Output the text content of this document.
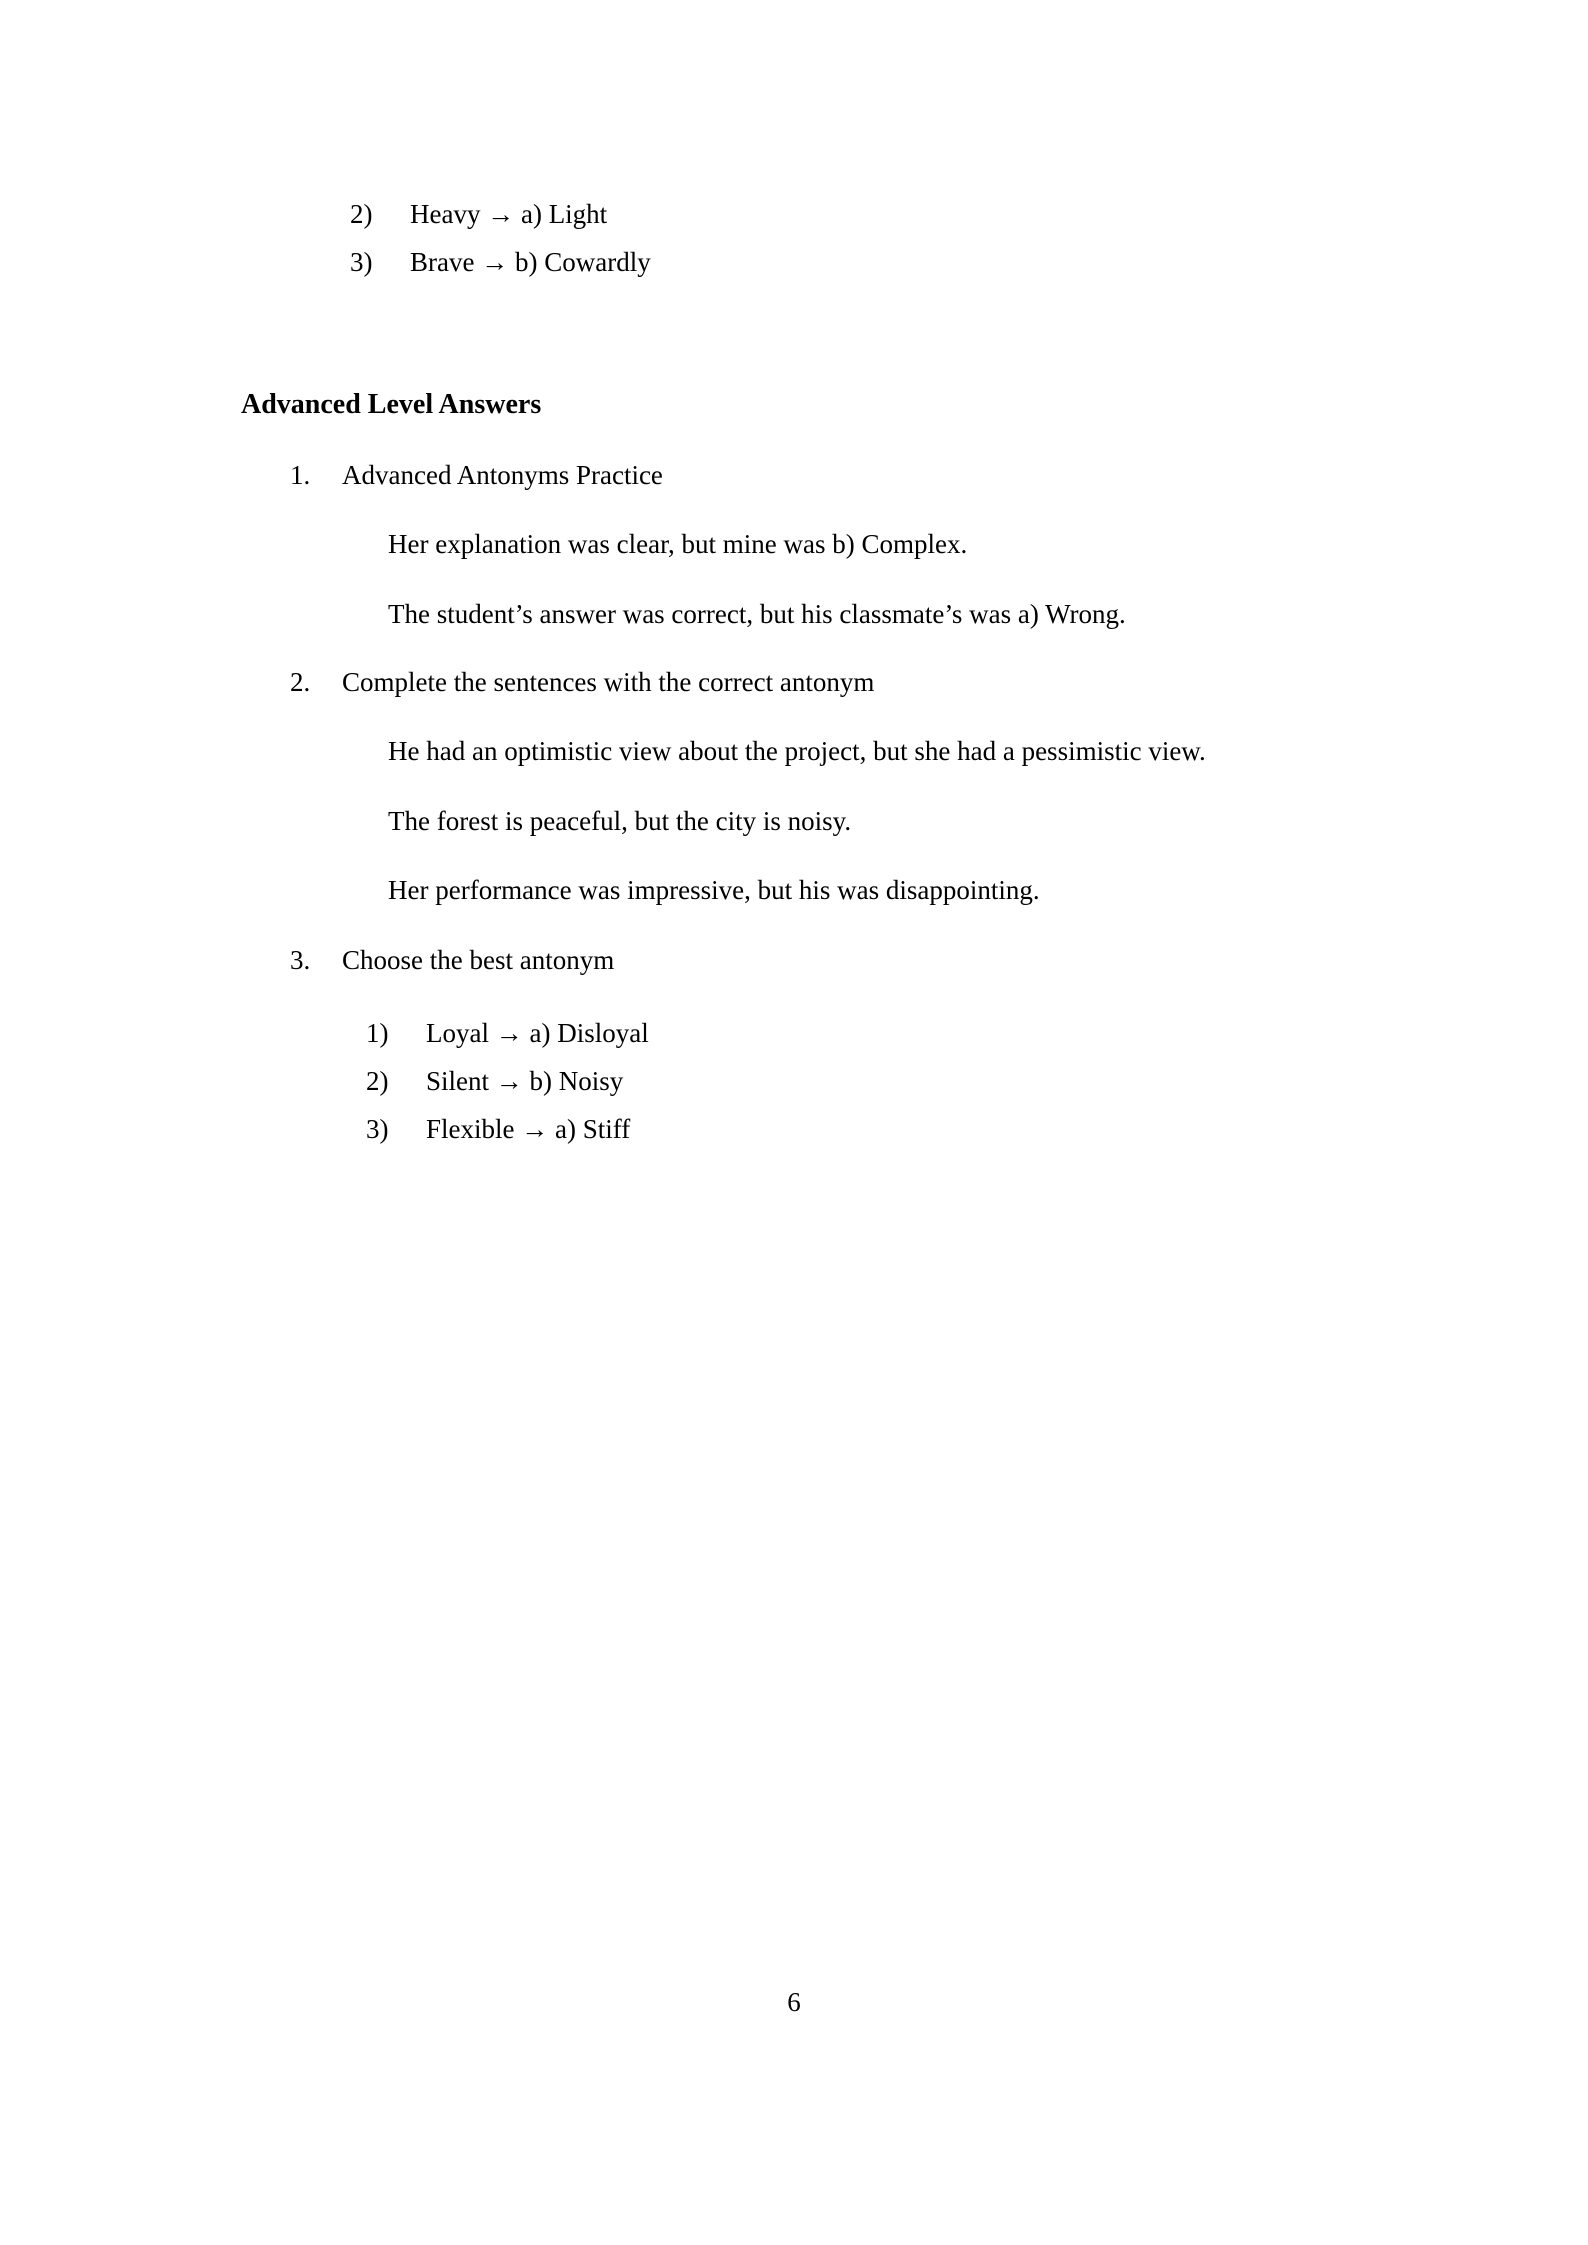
2)	Heavy → a) Light
3)	Brave → b) Cowardly
Advanced Level Answers
1.	Advanced Antonyms Practice
Her explanation was clear, but mine was b) Complex.
The student’s answer was correct, but his classmate’s was a) Wrong.
2.	Complete the sentences with the correct antonym
He had an optimistic view about the project, but she had a pessimistic view.
The forest is peaceful, but the city is noisy.
Her performance was impressive, but his was disappointing.
3.	Choose the best antonym
1)	Loyal → a) Disloyal
2)	Silent → b) Noisy
3)	Flexible → a) Stiff
6
